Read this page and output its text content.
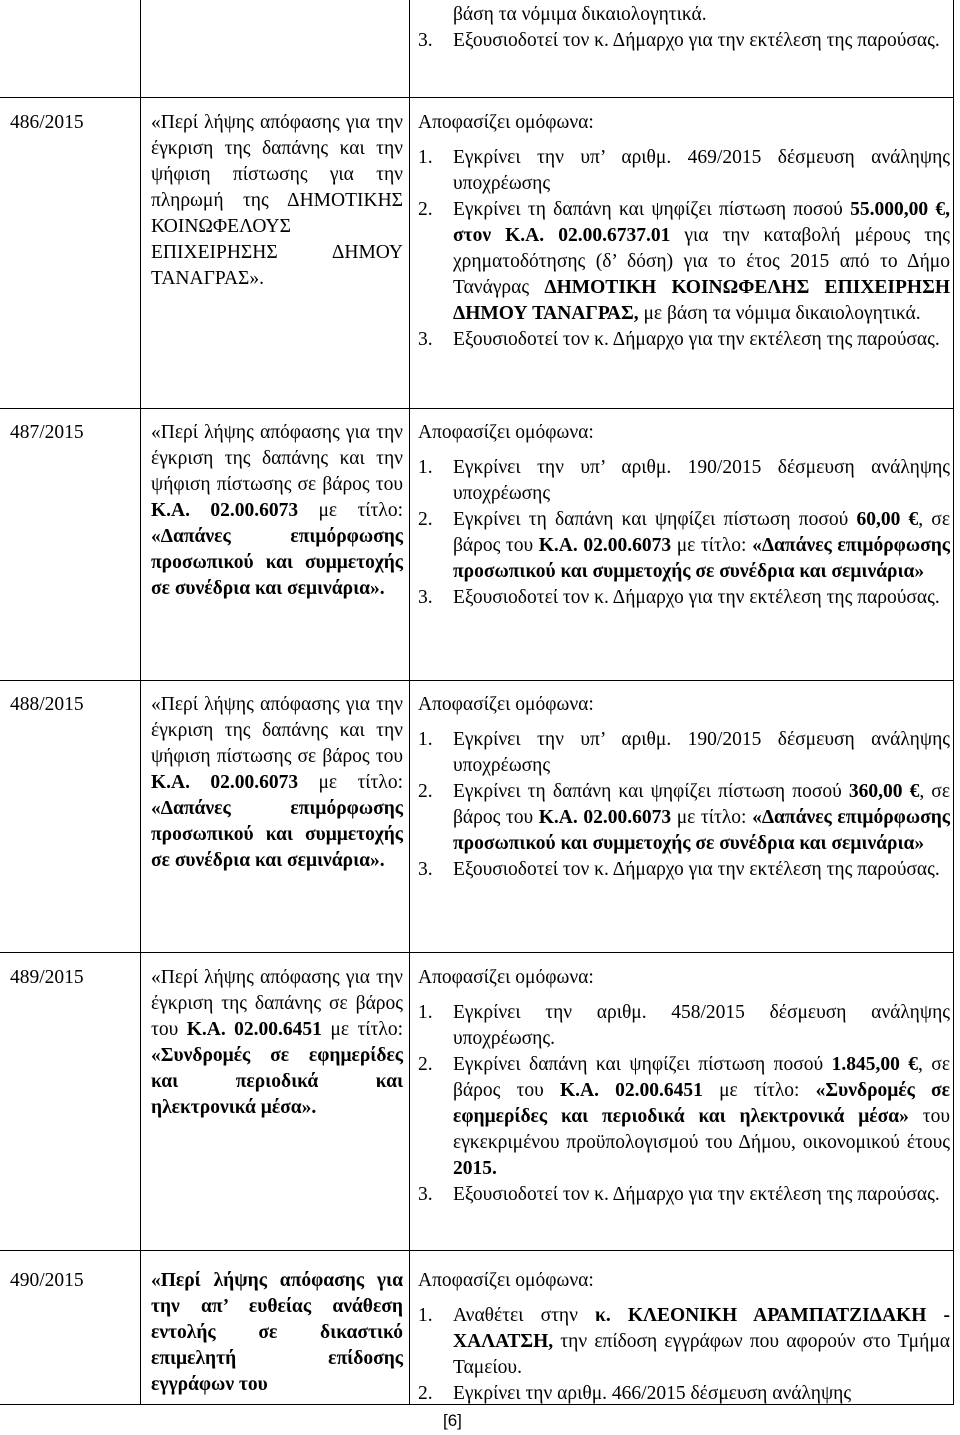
βάση τα νόμιμα δικαιολογητικά.
3. Εξουσιοδοτεί τον κ. Δήμαρχο για την εκτέλεση της παρούσας.
486/2015	«Περί λήψης απόφασης για την έγκριση της δαπάνης και την ψήφιση πίστωσης για την πληρωμή της ΔΗΜΟΤΙΚΗΣ ΚΟΙΝΩΦΕΛΟΥΣ ΕΠΙΧΕΙΡΗΣΗΣ ΔΗΜΟΥ ΤΑΝΑΓΡΑΣ».
Αποφασίζει ομόφωνα:
1. Εγκρίνει την υπ’ αριθμ. 469/2015 δέσμευση ανάληψης υποχρέωσης
2. Εγκρίνει τη δαπάνη και ψηφίζει πίστωση ποσού 55.000,00 €, στον Κ.Α. 02.00.6737.01 για την καταβολή μέρους της χρηματοδότησης (δ’ δόση) για το έτος 2015 από το Δήμο Τανάγρας ΔΗΜΟΤΙΚΗ ΚΟΙΝΩΦΕΛΗΣ ΕΠΙΧΕΙΡΗΣΗ ΔΗΜΟΥ ΤΑΝΑΓΡΑΣ, με βάση τα νόμιμα δικαιολογητικά.
3. Εξουσιοδοτεί τον κ. Δήμαρχο για την εκτέλεση της παρούσας.
487/2015	«Περί λήψης απόφασης για την έγκριση της δαπάνης και την ψήφιση πίστωσης σε βάρος του Κ.Α. 02.00.6073 με τίτλο: «Δαπάνες επιμόρφωσης προσωπικού και συμμετοχής σε συνέδρια και σεμινάρια».
Αποφασίζει ομόφωνα:
1. Εγκρίνει την υπ’ αριθμ. 190/2015 δέσμευση ανάληψης υποχρέωσης
2. Εγκρίνει τη δαπάνη και ψηφίζει πίστωση ποσού 60,00 €, σε βάρος του Κ.Α. 02.00.6073 με τίτλο: «Δαπάνες επιμόρφωσης προσωπικού και συμμετοχής σε συνέδρια και σεμινάρια»
3. Εξουσιοδοτεί τον κ. Δήμαρχο για την εκτέλεση της παρούσας.
488/2015	«Περί λήψης απόφασης για την έγκριση της δαπάνης και την ψήφιση πίστωσης σε βάρος του Κ.Α. 02.00.6073 με τίτλο: «Δαπάνες επιμόρφωσης προσωπικού και συμμετοχής σε συνέδρια και σεμινάρια».
Αποφασίζει ομόφωνα:
1. Εγκρίνει την υπ’ αριθμ. 190/2015 δέσμευση ανάληψης υποχρέωσης
2. Εγκρίνει τη δαπάνη και ψηφίζει πίστωση ποσού 360,00 €, σε βάρος του Κ.Α. 02.00.6073 με τίτλο: «Δαπάνες επιμόρφωσης προσωπικού και συμμετοχής σε συνέδρια και σεμινάρια»
3. Εξουσιοδοτεί τον κ. Δήμαρχο για την εκτέλεση της παρούσας.
489/2015	«Περί λήψης απόφασης για την έγκριση της δαπάνης σε βάρος του Κ.Α. 02.00.6451 με τίτλο: «Συνδρομές σε εφημερίδες και περιοδικά και ηλεκτρονικά μέσα».
Αποφασίζει ομόφωνα:
1. Εγκρίνει την αριθμ. 458/2015 δέσμευση ανάληψης υποχρέωσης.
2. Εγκρίνει δαπάνη και ψηφίζει πίστωση ποσού 1.845,00 €, σε βάρος του Κ.Α. 02.00.6451 με τίτλο: «Συνδρομές σε εφημερίδες και περιοδικά και ηλεκτρονικά μέσα» του εγκεκριμένου προϋπολογισμού του Δήμου, οικονομικού έτους 2015.
3. Εξουσιοδοτεί τον κ. Δήμαρχο για την εκτέλεση της παρούσας.
490/2015	«Περί λήψης απόφασης για την απ’ ευθείας ανάθεση εντολής σε δικαστικό επιμελητή επίδοσης εγγράφων του
Αποφασίζει ομόφωνα:
1. Αναθέτει στην κ. ΚΛΕΟΝΙΚΗ ΑΡΑΜΠΑΤΖΙΔΑΚΗ - ΧΑΛΑΤΣΗ, την επίδοση εγγράφων που αφορούν στο Τμήμα Ταμείου.
2. Εγκρίνει την αριθμ. 466/2015 δέσμευση ανάληψης
[6]
